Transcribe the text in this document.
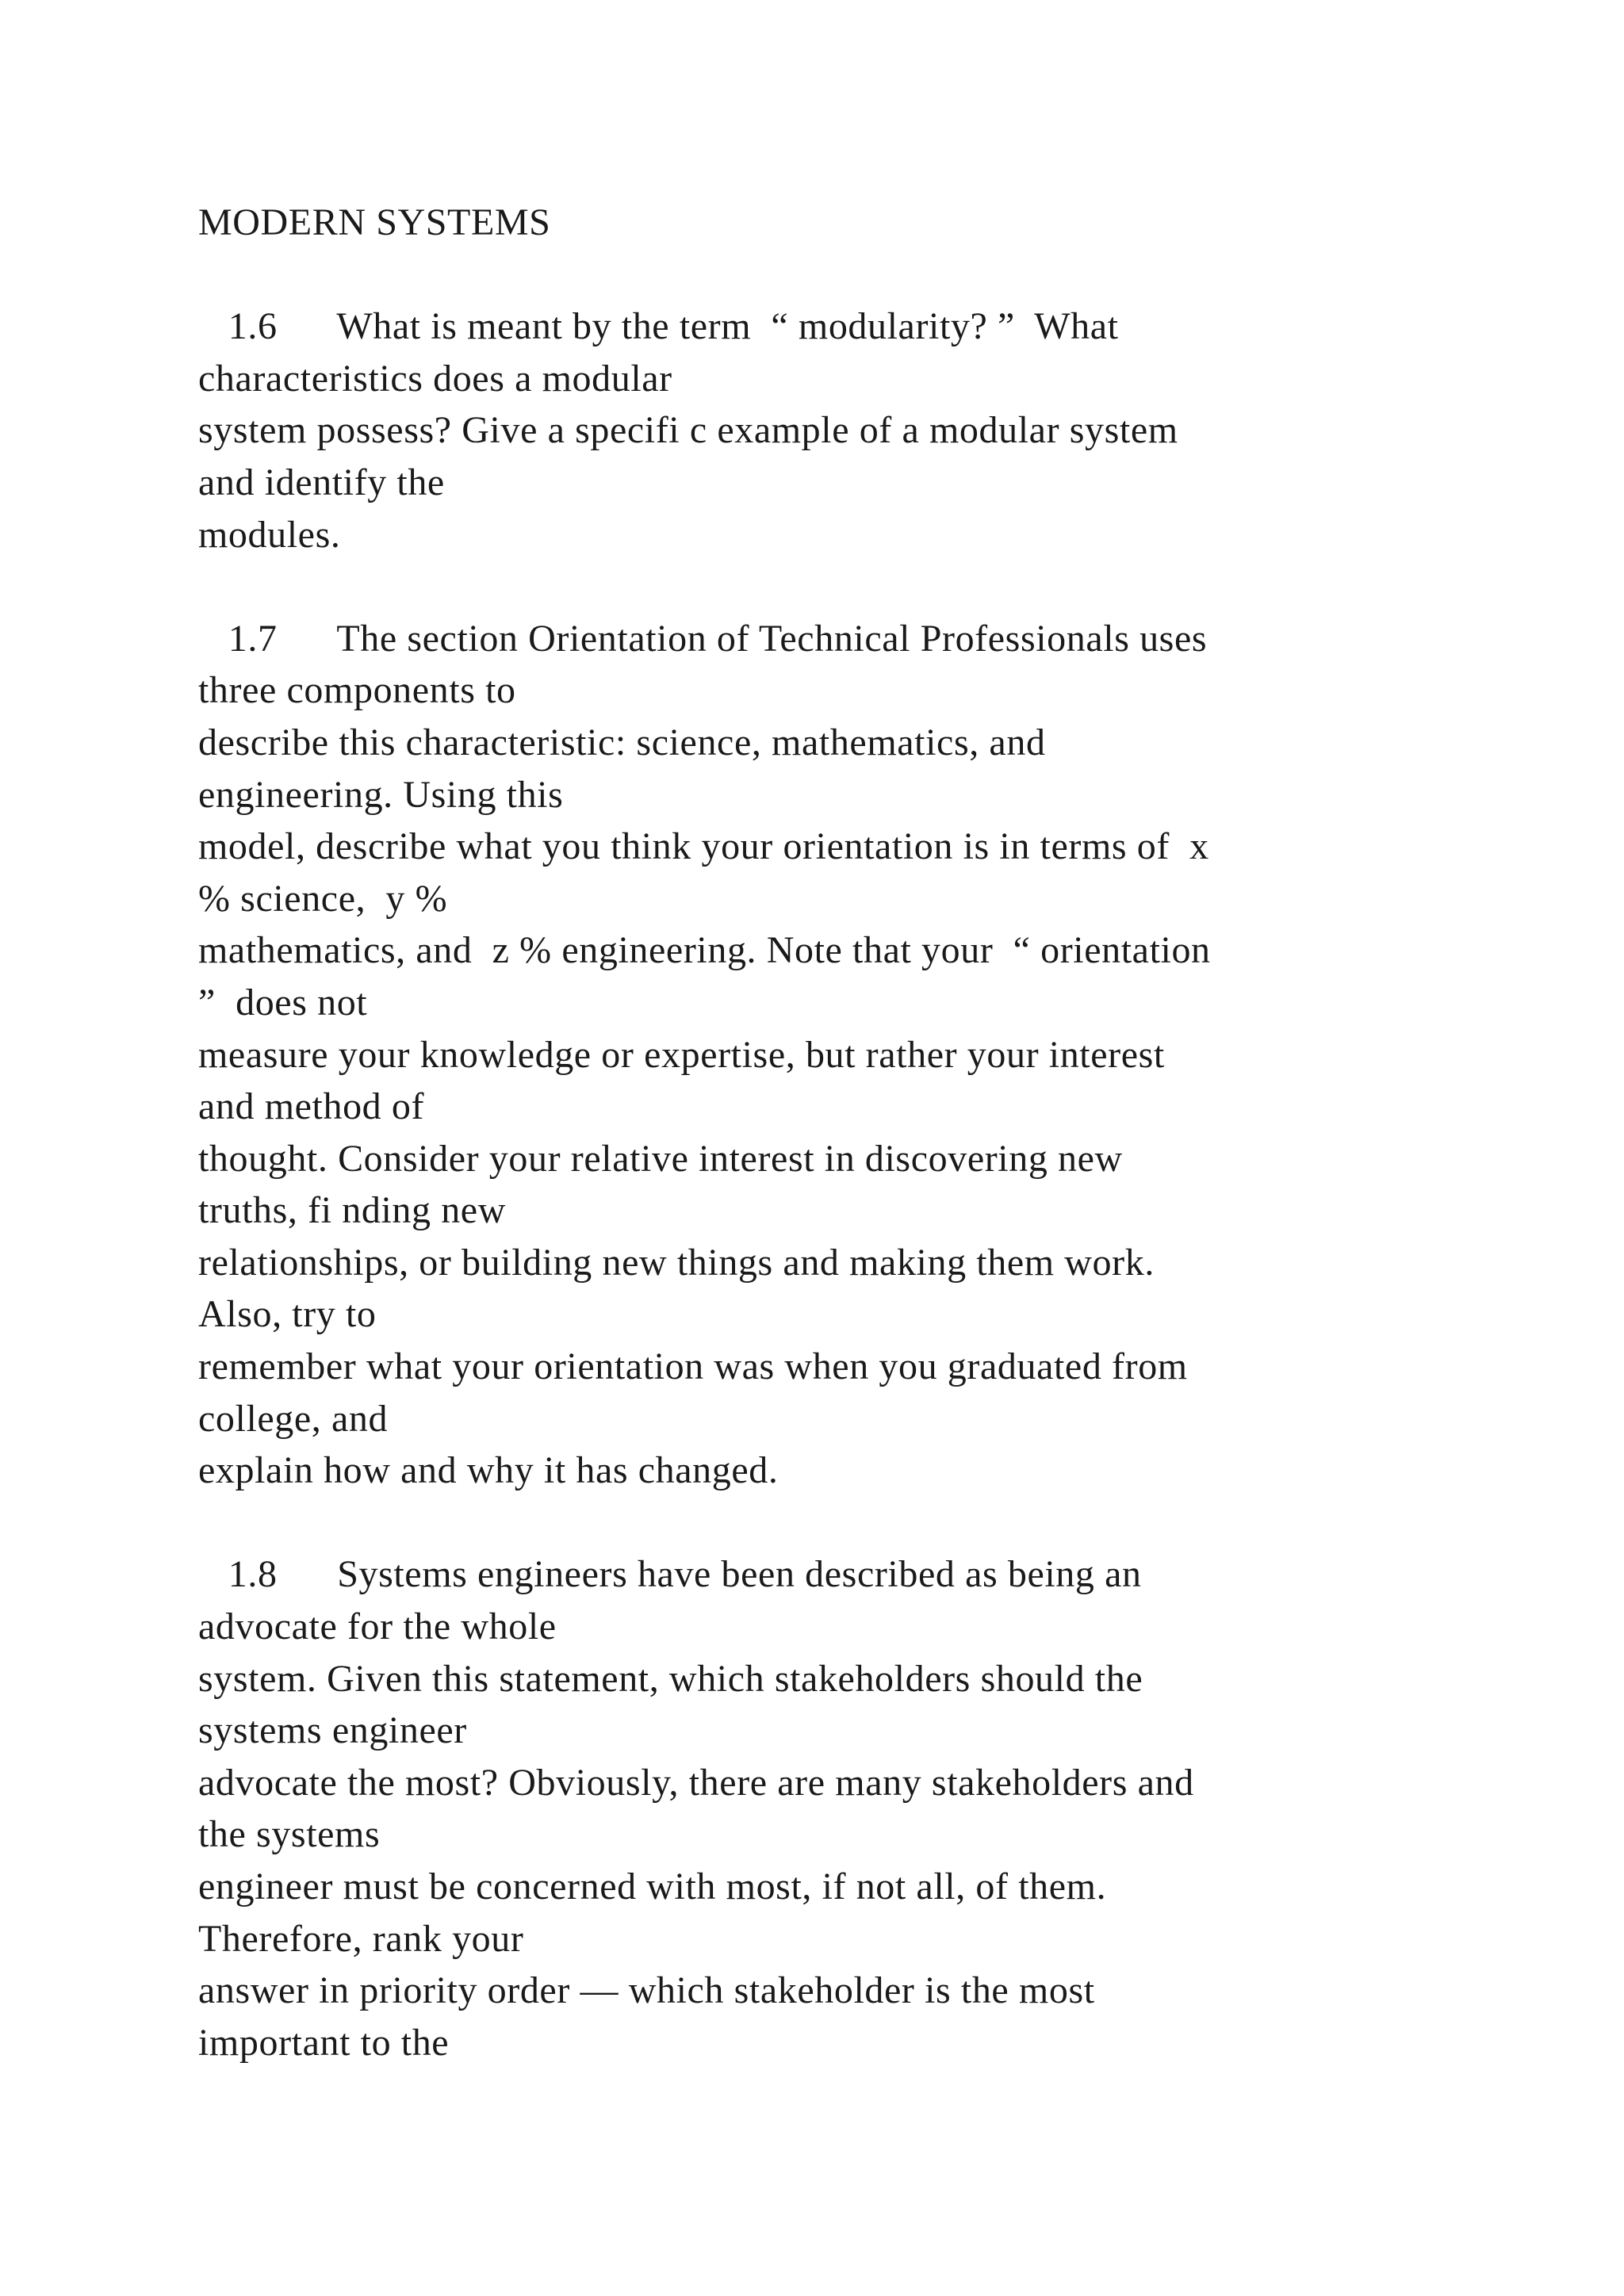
MODERN SYSTEMS
1.6      What is meant by the term  “ modularity? ”  What
characteristics does a modular
system possess? Give a specifi c example of a modular system
and identify the
modules.
1.7      The section Orientation of Technical Professionals uses
three components to
describe this characteristic: science, mathematics, and
engineering. Using this
model, describe what you think your orientation is in terms of  x
% science,  y %
mathematics, and  z % engineering. Note that your  “ orientation
”  does not
measure your knowledge or expertise, but rather your interest
and method of
thought. Consider your relative interest in discovering new
truths, fi nding new
relationships, or building new things and making them work.
Also, try to
remember what your orientation was when you graduated from
college, and
explain how and why it has changed.
1.8      Systems engineers have been described as being an
advocate for the whole
system. Given this statement, which stakeholders should the
systems engineer
advocate the most? Obviously, there are many stakeholders and
the systems
engineer must be concerned with most, if not all, of them.
Therefore, rank your
answer in priority order — which stakeholder is the most
important to the
